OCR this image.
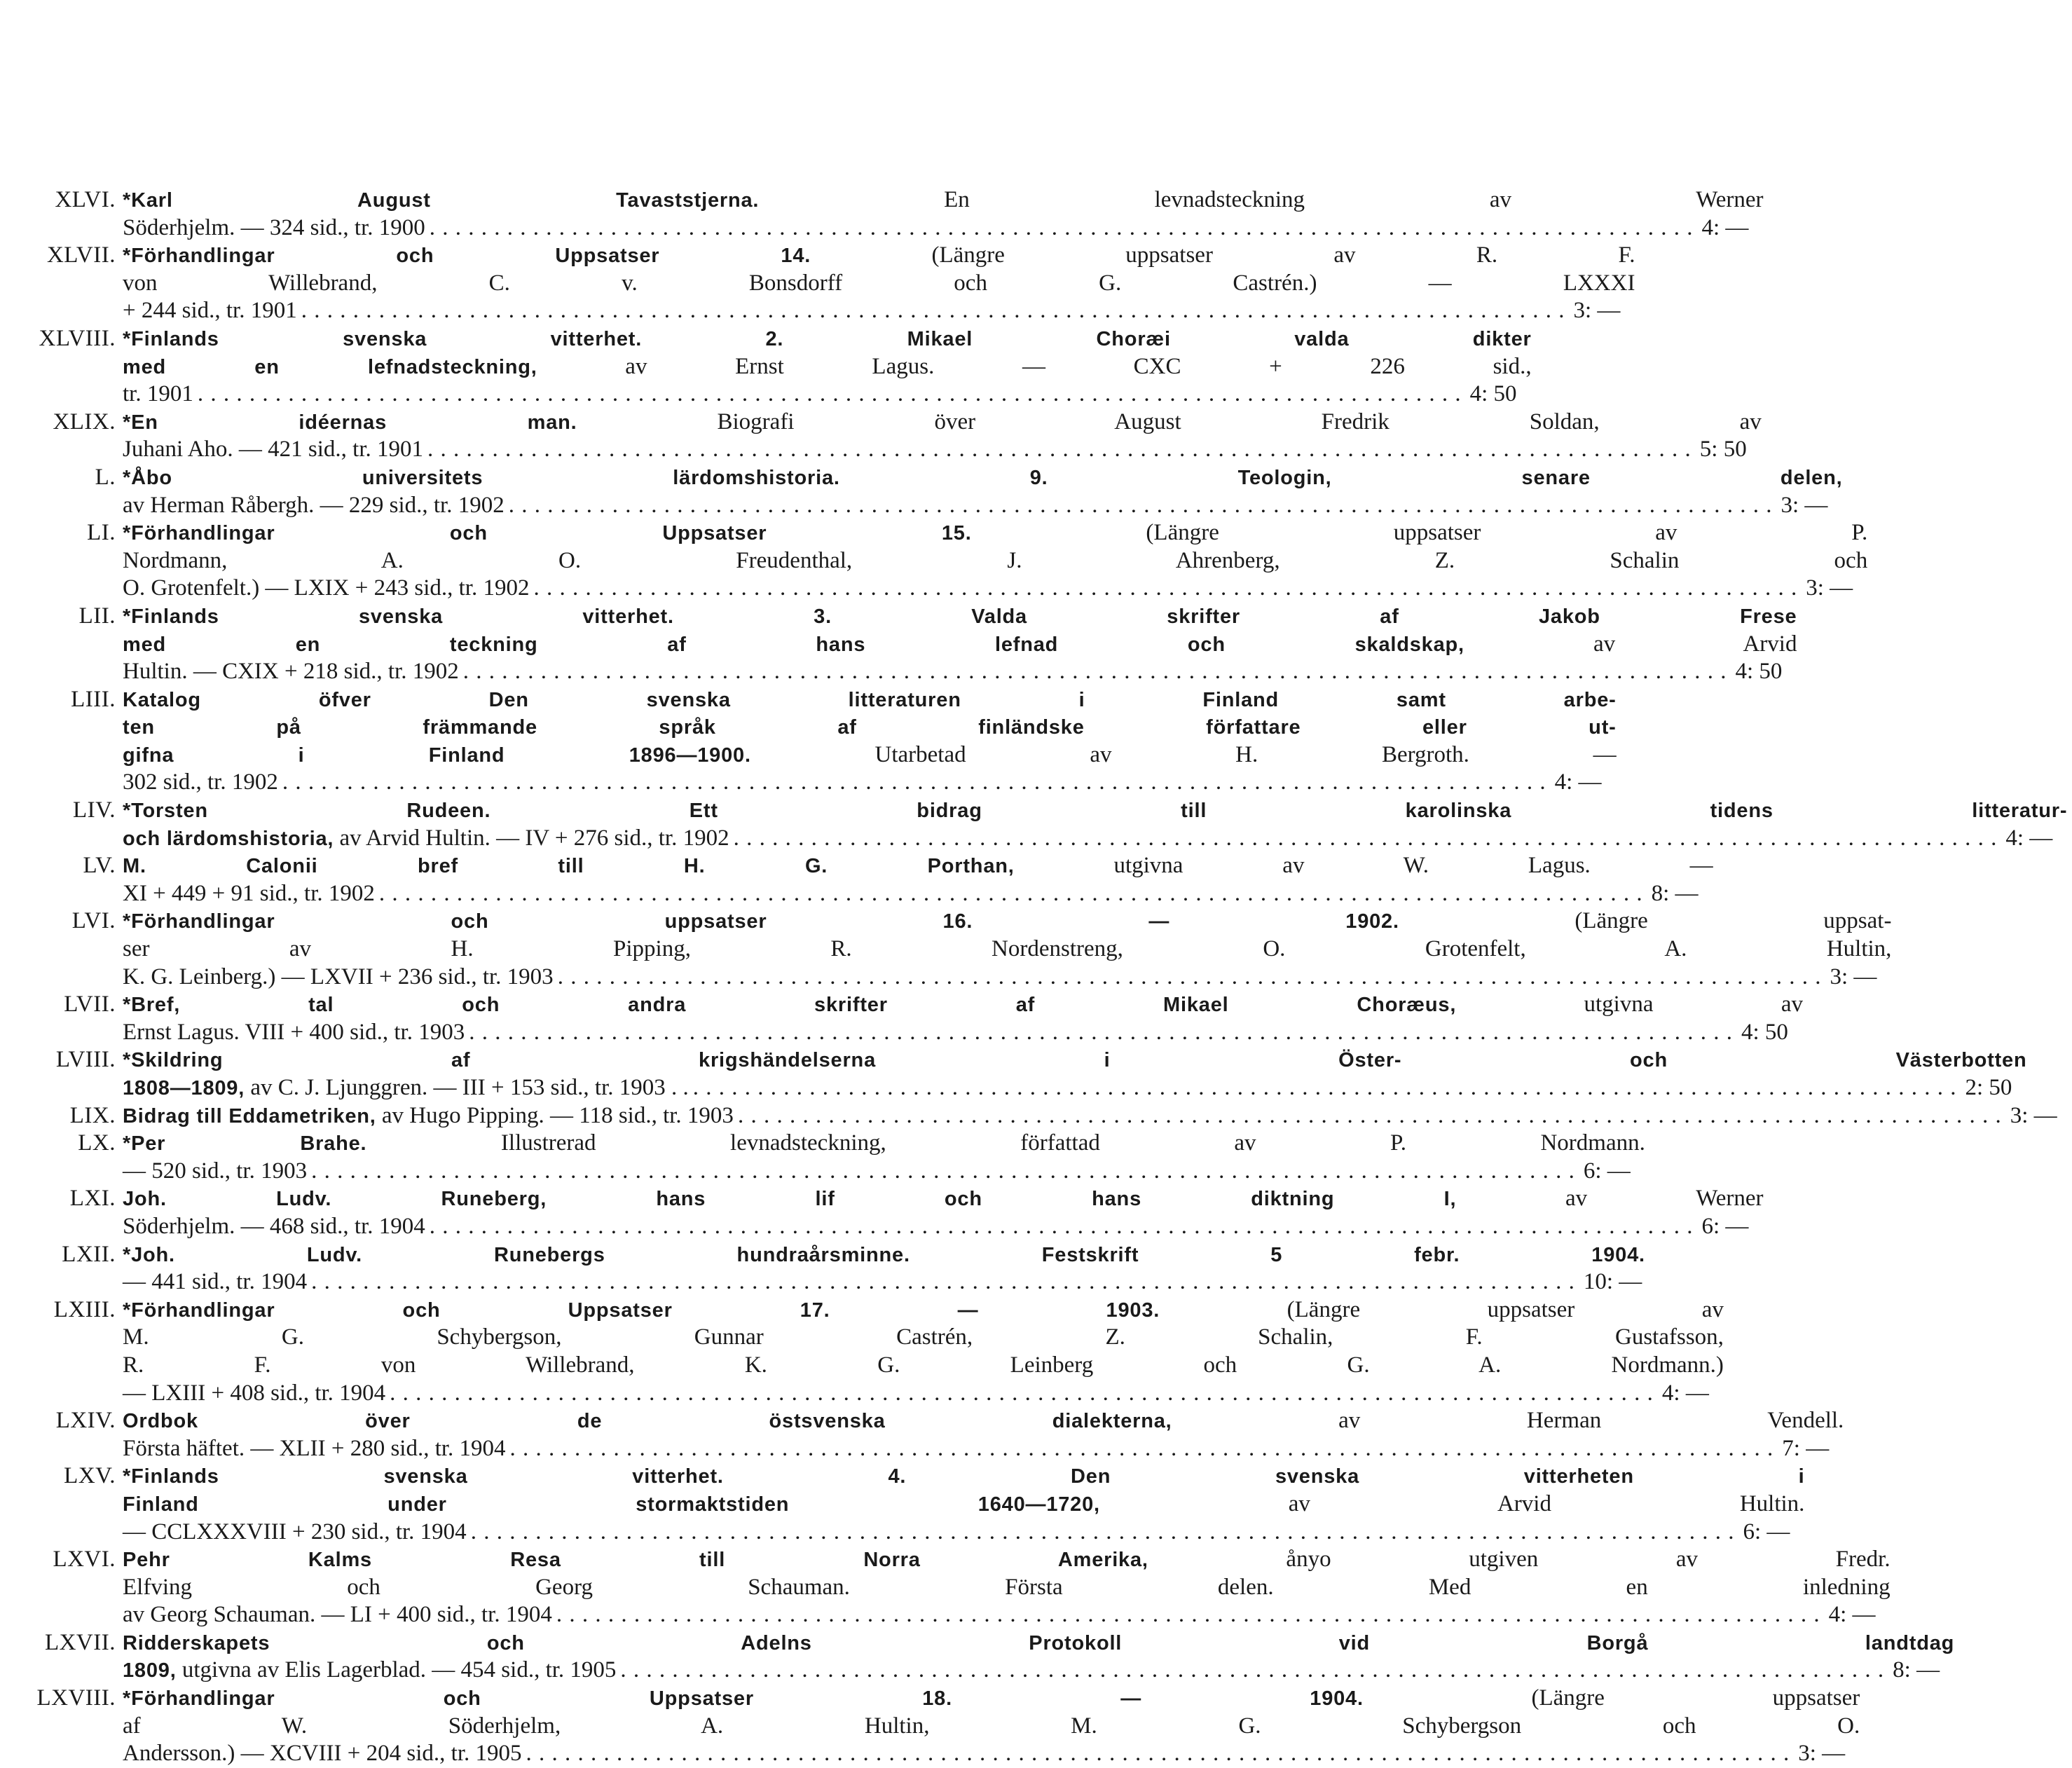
XLVI. *Karl August Tavaststjerna. En levnadsteckning av Werner
Söderhjelm. — 324 sid., tr. 1900 . . .	4: —
XLVII. *Förhandlingar och Uppsatser 14. (Längre uppsatser av R. F.
von Willebrand, C. v. Bonsdorff och G. Castrén.) — LXXXI
+ 244 sid., tr. 1901 . . .	3: —
XLVIII. *Finlands svenska vitterhet. 2. Mikael Choræi valda dikter
med en lefnadsteckning, av Ernst Lagus. — CXC + 226 sid.,
tr. 1901 . . .	4: 50
XLIX. *En idéernas man. Biografi över August Fredrik Soldan, av
Juhani Aho. — 421 sid., tr. 1901 . . .	5: 50
L. *Åbo universitets lärdomshistoria. 9. Teologin, senare delen,
av Herman Råbergh. — 229 sid., tr. 1902 . . .	3: —
LI. *Förhandlingar och Uppsatser 15. (Längre uppsatser av P.
Nordmann, A. O. Freudenthal, J. Ahrenberg, Z. Schalin och
O. Grotenfelt.) — LXIX + 243 sid., tr. 1902 . . .	3: —
LII. *Finlands svenska vitterhet. 3. Valda skrifter af Jakob Frese
med en teckning af hans lefnad och skaldskap, av Arvid
Hultin. — CXIX + 218 sid., tr. 1902 . . .	4: 50
LIII. Katalog öfver Den svenska litteraturen i Finland samt arbe-
ten på främmande språk af finländske författare eller ut-
gifna i Finland 1896—1900. Utarbetad av H. Bergroth. —
302 sid., tr. 1902 . . .	4: —
LIV. *Torsten Rudeen. Ett bidrag till karolinska tidens litteratur-
och lärdomshistoria, av Arvid Hultin. — IV + 276 sid., tr. 1902 . . .	4: —
LV. M. Calonii bref till H. G. Porthan, utgivna av W. Lagus. —
XI + 449 + 91 sid., tr. 1902 . . .	8: —
LVI. *Förhandlingar och uppsatser 16. — 1902. (Längre uppsat-
ser av H. Pipping, R. Nordenstreng, O. Grotenfelt, A. Hultin,
K. G. Leinberg.) — LXVII + 236 sid., tr. 1903 . . .	3: —
LVII. *Bref, tal och andra skrifter af Mikael Choræus, utgivna av
Ernst Lagus. VIII + 400 sid., tr. 1903 . . .	4: 50
LVIII. *Skildring af krigshändelserna i Öster- och Västerbotten
1808—1809, av C. J. Ljunggren. — III + 153 sid., tr. 1903 . . . . .	2: 50
LIX. Bidrag till Eddametriken, av Hugo Pipping. — 118 sid., tr. 1903 . . .	3: —
LX. *Per Brahe. Illustrerad levnadsteckning, författad av P. Nordmann.
— 520 sid., tr. 1903 . . .	6: —
LXI. Joh. Ludv. Runeberg, hans lif och hans diktning I, av Werner
Söderhjelm. — 468 sid., tr. 1904 . . .	6: —
LXII. *Joh. Ludv. Runebergs hundraårsminne. Festskrift 5 febr. 1904.
— 441 sid., tr. 1904 . . .	10: —
LXIII. *Förhandlingar och Uppsatser 17. — 1903. (Längre uppsatser av
M. G. Schybergson, Gunnar Castrén, Z. Schalin, F. Gustafsson,
R. F. von Willebrand, K. G. Leinberg och G. A. Nordmann.)
— LXIII + 408 sid., tr. 1904 . . .	4: —
LXIV. Ordbok över de östsvenska dialekterna, av Herman Vendell.
Första häftet. — XLII + 280 sid., tr. 1904 . . .	7: —
LXV. *Finlands svenska vitterhet. 4. Den svenska vitterheten i
Finland under stormaktstiden 1640—1720, av Arvid Hultin.
— CCLXXXVIII + 230 sid., tr. 1904 . . .	6: —
LXVI. Pehr Kalms Resa till Norra Amerika, ånyo utgiven av Fredr.
Elfving och Georg Schauman. Första delen. Med en inledning
av Georg Schauman. — LI + 400 sid., tr. 1904 . . .	4: —
LXVII. Ridderskapets och Adelns Protokoll vid Borgå landtdag
1809, utgivna av Elis Lagerblad. — 454 sid., tr. 1905 . . .	8: —
LXVIII. *Förhandlingar och Uppsatser 18. — 1904. (Längre uppsatser
af W. Söderhjelm, A. Hultin, M. G. Schybergson och O.
Andersson.) — XCVIII + 204 sid., tr. 1905 . . .	3: —
